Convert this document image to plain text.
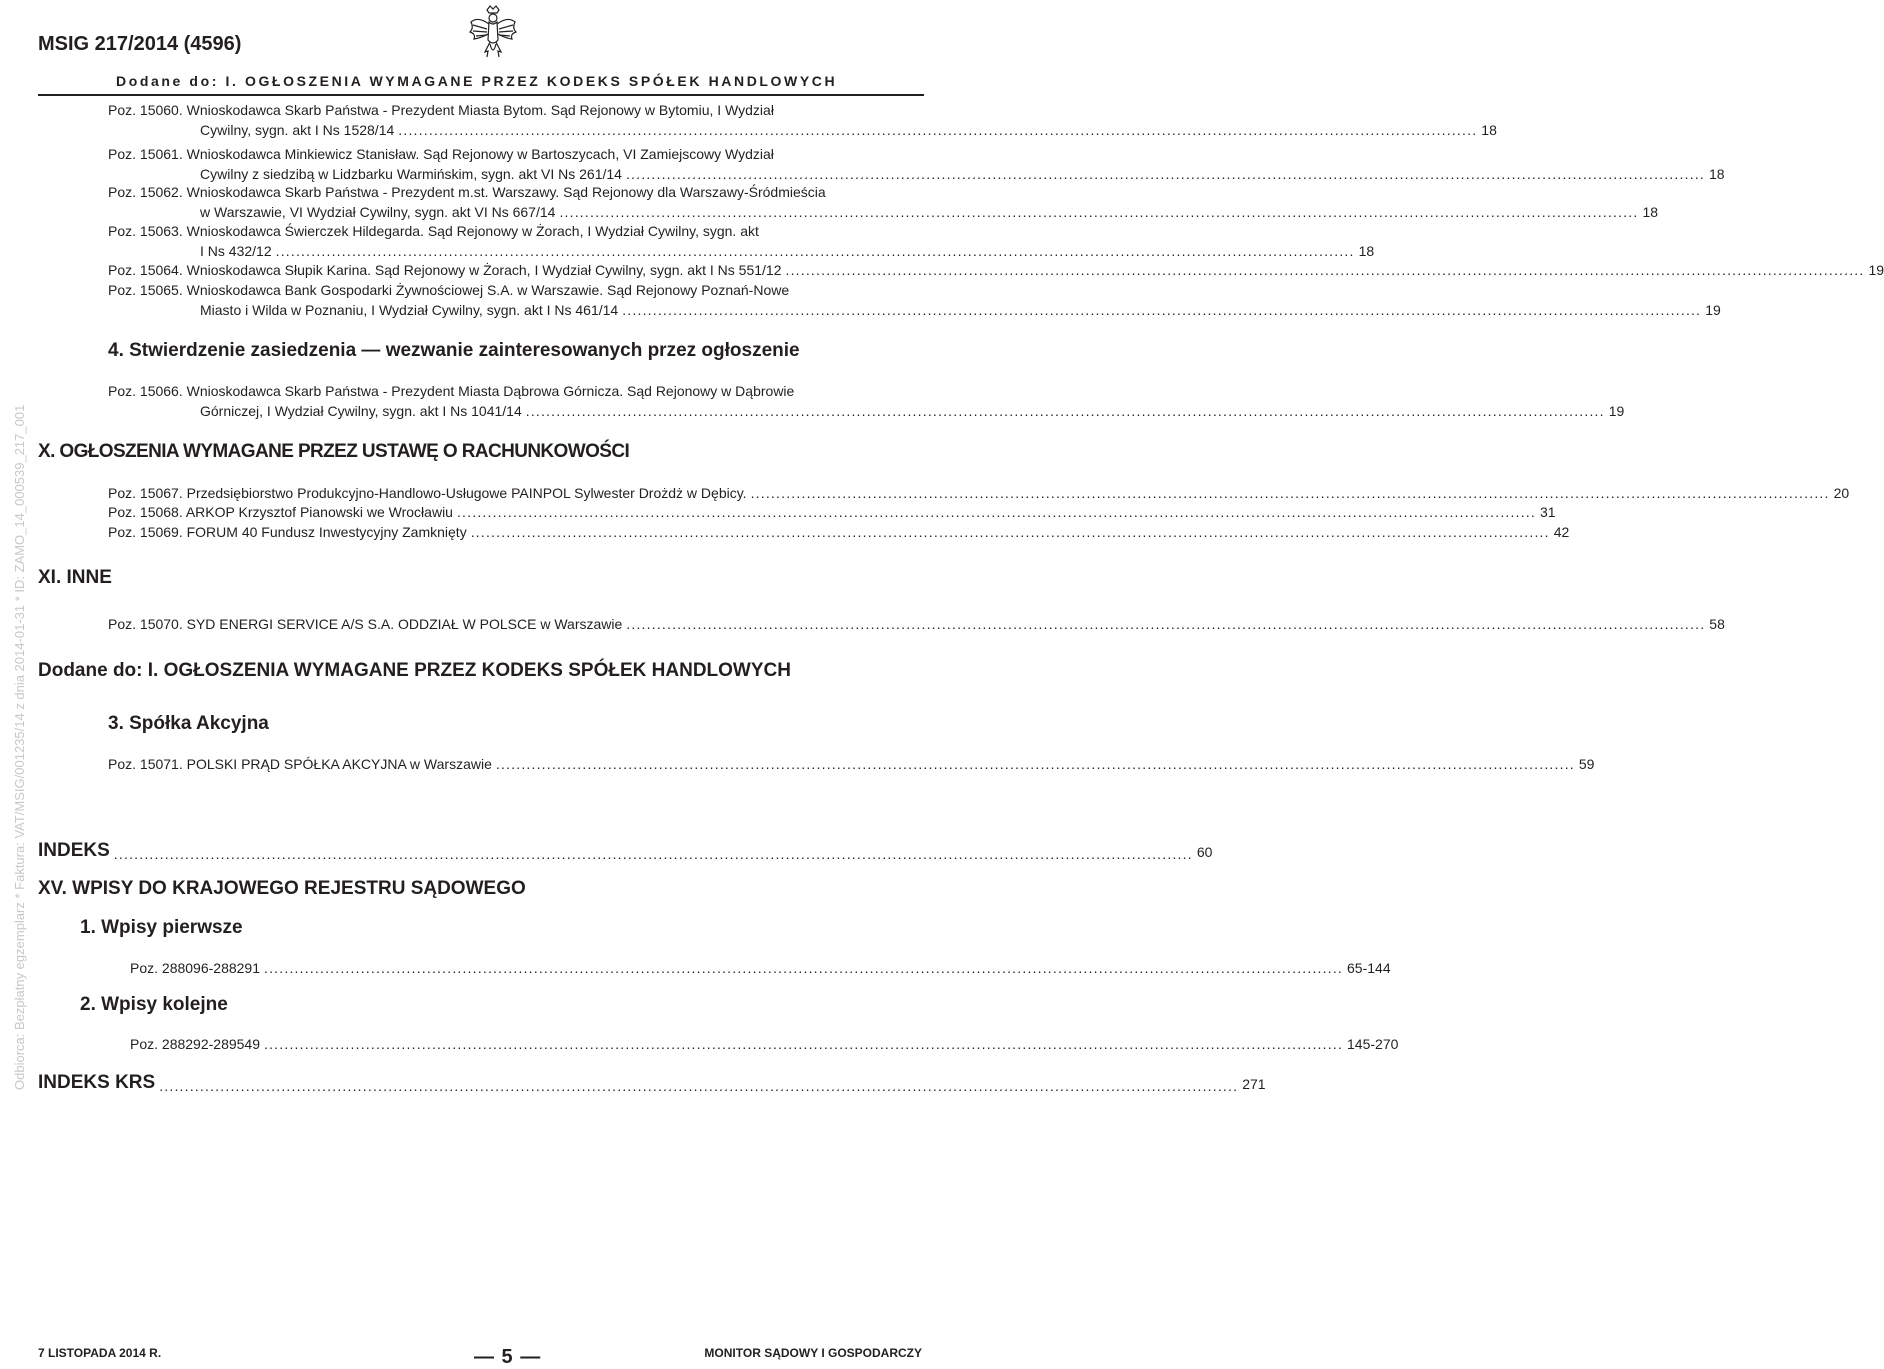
MSIG 217/2014 (4596)
Dodane do: I. OGŁOSZENIA WYMAGANE PRZEZ KODEKS SPÓŁEK HANDLOWYCH
Odbiorca: Bezpłatny egzemplarz * Faktura: VAT/MSIG/001235/14 z dnia 2014-01-31 * ID: ZAMO_14_000539_217_001
Poz. 15060. Wnioskodawca Skarb Państwa - Prezydent Miasta Bytom. Sąd Rejonowy w Bytomiu, I Wydział
Cywilny, sygn. akt I Ns 1528/14 .................................................................................................................................................................................................................... 18
Poz. 15061. Wnioskodawca Minkiewicz Stanisław. Sąd Rejonowy w Bartoszycach, VI Zamiejscowy Wydział
Cywilny z siedzibą w Lidzbarku Warmińskim, sygn. akt VI Ns 261/14 .................................................................................................................................................................................................................... 18
Poz. 15062. Wnioskodawca Skarb Państwa - Prezydent m.st. Warszawy. Sąd Rejonowy dla Warszawy-Śródmieścia
w Warszawie, VI Wydział Cywilny, sygn. akt VI Ns 667/14 .................................................................................................................................................................................................................... 18
Poz. 15063. Wnioskodawca Świerczek Hildegarda. Sąd Rejonowy w Żorach, I Wydział Cywilny, sygn. akt
I Ns 432/12 .................................................................................................................................................................................................................... 18
Poz. 15064. Wnioskodawca Słupik Karina. Sąd Rejonowy w Żorach, I Wydział Cywilny, sygn. akt I Ns 551/12 .................................................................................................................................................................................................................... 19
Poz. 15065. Wnioskodawca Bank Gospodarki Żywnościowej S.A. w Warszawie. Sąd Rejonowy Poznań-Nowe
Miasto i Wilda w Poznaniu, I Wydział Cywilny, sygn. akt I Ns 461/14 .................................................................................................................................................................................................................... 19
4. Stwierdzenie zasiedzenia — wezwanie zainteresowanych przez ogłoszenie
Poz. 15066. Wnioskodawca Skarb Państwa - Prezydent Miasta Dąbrowa Górnicza. Sąd Rejonowy w Dąbrowie
Górniczej, I Wydział Cywilny, sygn. akt I Ns 1041/14 .................................................................................................................................................................................................................... 19
X. OGŁOSZENIA WYMAGANE PRZEZ USTAWĘ O RACHUNKOWOŚCI
Poz. 15067. Przedsiębiorstwo Produkcyjno-Handlowo-Usługowe PAINPOL Sylwester Drożdż w Dębicy. .................................................................................................................................................................................................................... 20
Poz. 15068. ARKOP Krzysztof Pianowski we Wrocławiu .................................................................................................................................................................................................................... 31
Poz. 15069. FORUM 40 Fundusz Inwestycyjny Zamknięty .................................................................................................................................................................................................................... 42
XI. INNE
Poz. 15070. SYD ENERGI SERVICE A/S S.A. ODDZIAŁ W POLSCE w Warszawie .................................................................................................................................................................................................................... 58
Dodane do: I. OGŁOSZENIA WYMAGANE PRZEZ KODEKS SPÓŁEK HANDLOWYCH
3. Spółka Akcyjna
Poz. 15071. POLSKI PRĄD SPÓŁKA AKCYJNA w Warszawie .................................................................................................................................................................................................................... 59
INDEKS .................................................................................................................................................................................................................... 60
XV. WPISY DO KRAJOWEGO REJESTRU SĄDOWEGO
1. Wpisy pierwsze
Poz. 288096-288291 .................................................................................................................................................................................................................... 65-144
2. Wpisy kolejne
Poz. 288292-289549 .................................................................................................................................................................................................................... 145-270
INDEKS KRS .................................................................................................................................................................................................................... 271
7 LISTOPADA 2014 R.	— 5 —	MONITOR SĄDOWY I GOSPODARCZY
